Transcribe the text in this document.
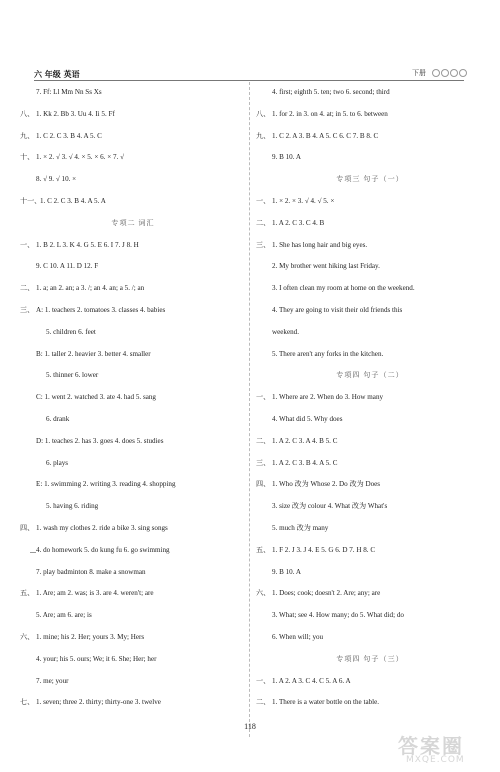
六 年级 英语	下册
7. Ff: Ll Mm Nn Ss Xs
八、 1. Kk 2. Bb 3. Uu 4. Ii 5. Ff
九、 1. C 2. C 3. B 4. A 5. C
十、 1. × 2. √ 3. √ 4. × 5. × 6. × 7. √
8. √ 9. √ 10. ×
十一、
1. C 2. C 3. B 4. A 5. A
专项二 词汇
一、 1. B 2. L 3. K 4. G 5. E 6. I 7. J 8. H
9. C 10. A 11. D 12. F
二、 1. a; an 2. an; a 3. /; an 4. an; a 5. /; an
三、 A: 1. teachers 2. tomatoes 3. classes 4. babies
5. children 6. feet
B: 1. taller 2. heavier 3. better 4. smaller
5. thinner 6. lower
C: 1. went 2. watched 3. ate 4. had 5. sang
6. drank
D: 1. teaches 2. has 3. goes 4. does 5. studies
6. plays
E: 1. swimming 2. writing 3. reading 4. shopping
5. having 6. riding
四、 1. wash my clothes 2. ride a bike 3. sing songs
4. do homework 5. do kung fu 6. go swimming
7. play badminton 8. make a snowman
五、 1. Are; am 2. was; is 3. are 4. weren't; are
5. Are; am 6. are; is
六、 1. mine; his 2. Her; yours 3. My; Hers
4. your; his 5. ours; We; it 6. She; Her; her
7. me; your
七、 1. seven; three 2. thirty; thirty-one 3. twelve
4. first; eighth 5. ten; two 6. second; third
八、 1. for 2. in 3. on 4. at; in 5. to 6. between
九、 1. C 2. A 3. B 4. A 5. C 6. C 7. B 8. C
9. B 10. A
专项三 句子（一）
一、 1. × 2. × 3. √ 4. √ 5. ×
二、 1. A 2. C 3. C 4. B
三、 1. She has long hair and big eyes.
2. My brother went hiking last Friday.
3. I often clean my room at home on the weekend.
4. They are going to visit their old friends this
weekend.
5. There aren't any forks in the kitchen.
专项四 句子（二）
一、 1. Where are 2. When do 3. How many
4. What did 5. Why does
二、 1. A 2. C 3. A 4. B 5. C
三、 1. A 2. C 3. B 4. A 5. C
四、 1. Who 改为 Whose 2. Do 改为 Does
3. size 改为 colour 4. What 改为 What's
5. much 改为 many
五、 1. F 2. J 3. J 4. E 5. G 6. D 7. H 8. C
9. B 10. A
六、 1. Does; cook; doesn't 2. Are; any; are
3. What; see 4. How many; do 5. What did; do
6. When will; you
专项四 句子（三）
一、 1. A 2. A 3. C 4. C 5. A 6. A
二、 1. There is a water bottle on the table.
118
答案圈
MXQE.COM
